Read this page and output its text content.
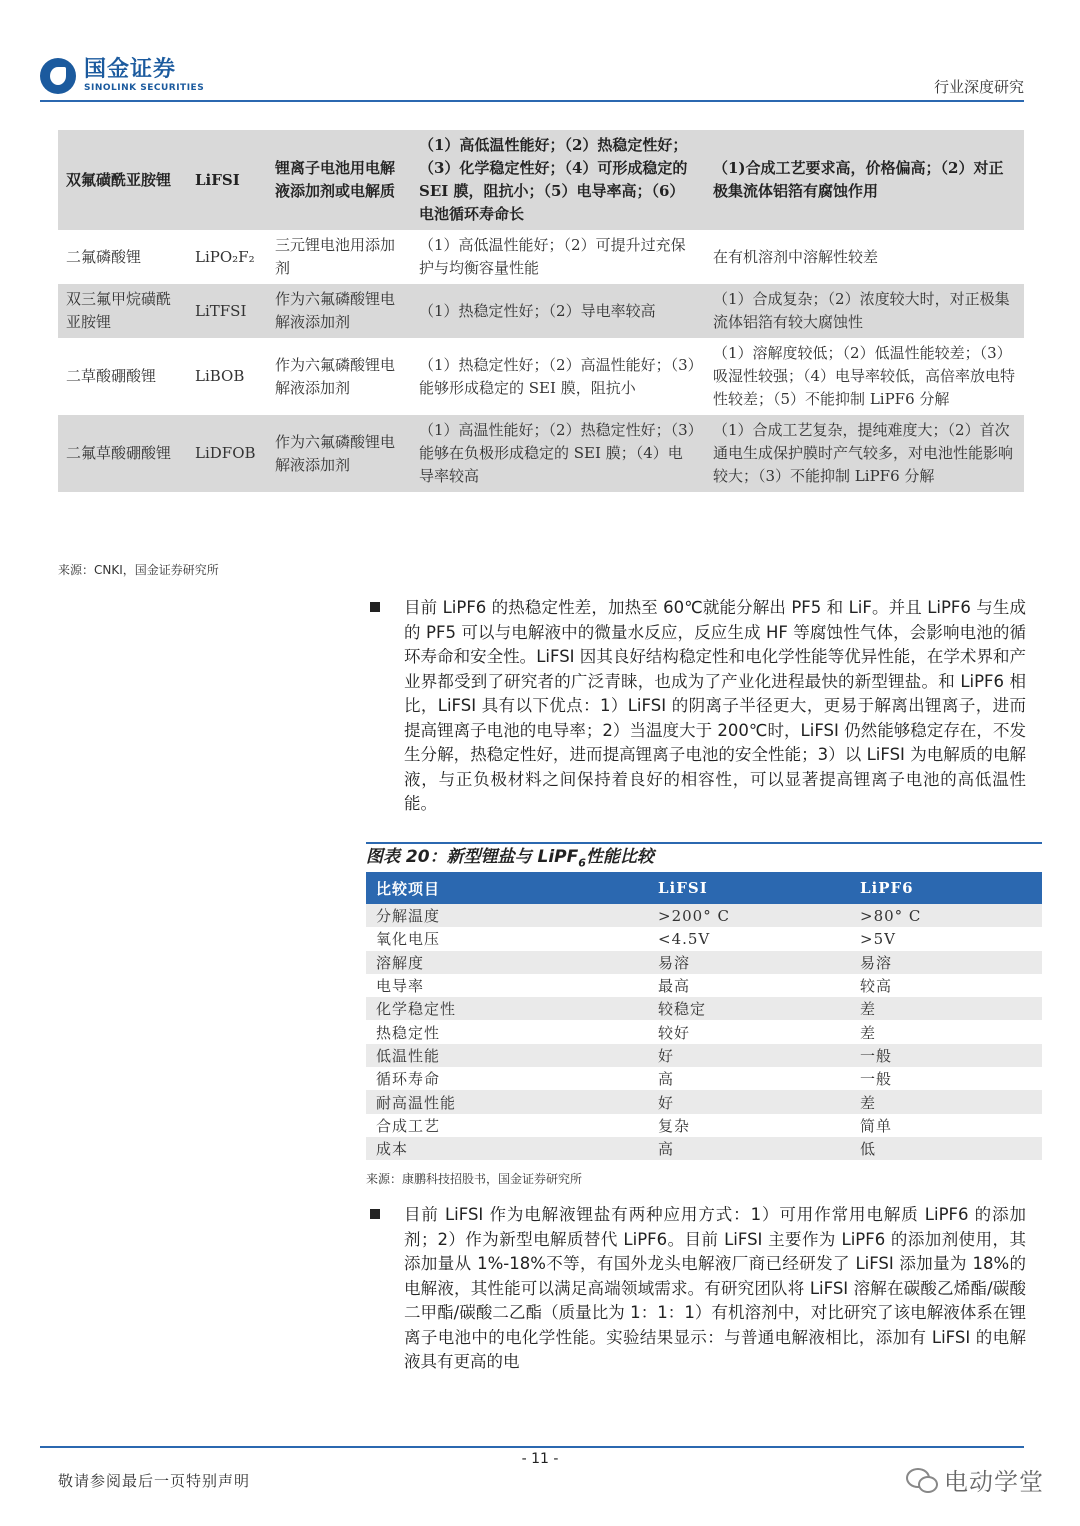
国金证券
SINOLINK SECURITIES	行业深度研究
双氟磺酰亚胺锂	LiFSI	锂离子电池用电解液添加剂或电解质	（1）高低温性能好；（2）热稳定性好；（3）化学稳定性好；（4）可形成稳定的 SEI 膜，阻抗小；（5）电导率高；（6）电池循环寿命长	（1)合成工艺要求高，价格偏高；（2）对正极集流体铝箔有腐蚀作用
二氟磷酸锂	LiPO₂F₂	三元锂电池用添加剂	（1）高低温性能好；（2）可提升过充保护与均衡容量性能	在有机溶剂中溶解性较差
双三氟甲烷磺酰亚胺锂	LiTFSI	作为六氟磷酸锂电解液添加剂	（1）热稳定性好；（2）导电率较高	（1）合成复杂；（2）浓度较大时，对正极集流体铝箔有较大腐蚀性
二草酸硼酸锂	LiBOB	作为六氟磷酸锂电解液添加剂	（1）热稳定性好；（2）高温性能好；（3）能够形成稳定的 SEI 膜，阻抗小	（1）溶解度较低；（2）低温性能较差；（3）吸湿性较强；（4）电导率较低，高倍率放电特性较差；（5）不能抑制 LiPF6 分解
二氟草酸硼酸锂	LiDFOB	作为六氟磷酸锂电解液添加剂	（1）高温性能好；（2）热稳定性好；（3）能够在负极形成稳定的 SEI 膜；（4）电导率较高	（1）合成工艺复杂，提纯难度大；（2）首次通电生成保护膜时产气较多，对电池性能影响较大；（3）不能抑制 LiPF6 分解
来源：CNKI，国金证券研究所
目前 LiPF6 的热稳定性差，加热至 60℃就能分解出 PF5 和 LiF。并且 LiPF6 与生成的 PF5 可以与电解液中的微量水反应，反应生成 HF 等腐蚀性气体，会影响电池的循环寿命和安全性。LiFSI 因其良好结构稳定性和电化学性能等优异性能，在学术界和产业界都受到了研究者的广泛青睐，也成为了产业化进程最快的新型锂盐。和 LiPF6 相比，LiFSI 具有以下优点：1）LiFSI 的阴离子半径更大，更易于解离出锂离子，进而提高锂离子电池的电导率；2）当温度大于 200℃时，LiFSI 仍然能够稳定存在，不发生分解，热稳定性好，进而提高锂离子电池的安全性能；3）以 LiFSI 为电解质的电解液，与正负极材料之间保持着良好的相容性，可以显著提高锂离子电池的高低温性能。
图表 20：新型锂盐与 LiPF$_6$性能比较
比较项目	LiFSI	LiPF6
分解温度	>200° C	>80° C
氧化电压	<4.5V	>5V
溶解度	易溶	易溶
电导率	最高	较高
化学稳定性	较稳定	差
热稳定性	较好	差
低温性能	好	一般
循环寿命	高	一般
耐高温性能	好	差
合成工艺	复杂	简单
成本	高	低
来源：康鹏科技招股书，国金证券研究所
目前 LiFSI 作为电解液锂盐有两种应用方式：1）可用作常用电解质 LiPF6 的添加剂；2）作为新型电解质替代 LiPF6。目前 LiFSI 主要作为 LiPF6 的添加剂使用，其添加量从 1%-18%不等，有国外龙头电解液厂商已经研发了 LiFSI 添加量为 18%的电解液，其性能可以满足高端领域需求。有研究团队将 LiFSI 溶解在碳酸乙烯酯/碳酸二甲酯/碳酸二乙酯（质量比为 1：1：1）有机溶剂中，对比研究了该电解液体系在锂离子电池中的电化学性能。实验结果显示：与普通电解液相比，添加有 LiFSI 的电解液具有更高的电
- 11 -
敬请参阅最后一页特别声明	电动学堂
